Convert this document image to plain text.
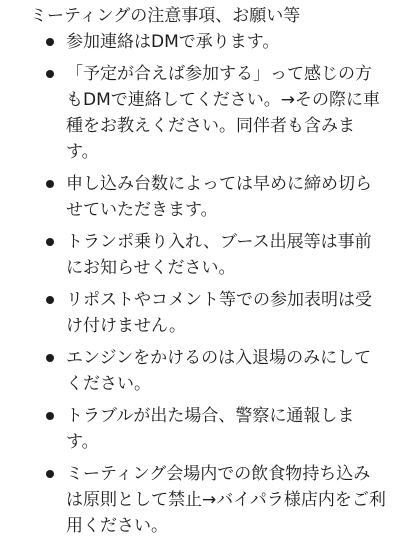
ミーティングの注意事項、お願い等
参加連絡はDMで承ります。
「予定が合えば参加する」って感じの方もDMで連絡してください。→その際に車種をお教えください。同伴者も含みます。
申し込み台数によっては早めに締め切らせていただきます。
トランポ乗り入れ、ブース出展等は事前にお知らせください。
リポストやコメント等での参加表明は受け付けません。
エンジンをかけるのは入退場のみにしてください。
トラブルが出た場合、警察に通報します。
ミーティング会場内での飲食物持ち込みは原則として禁止→バイパラ様店内をご利用ください。
